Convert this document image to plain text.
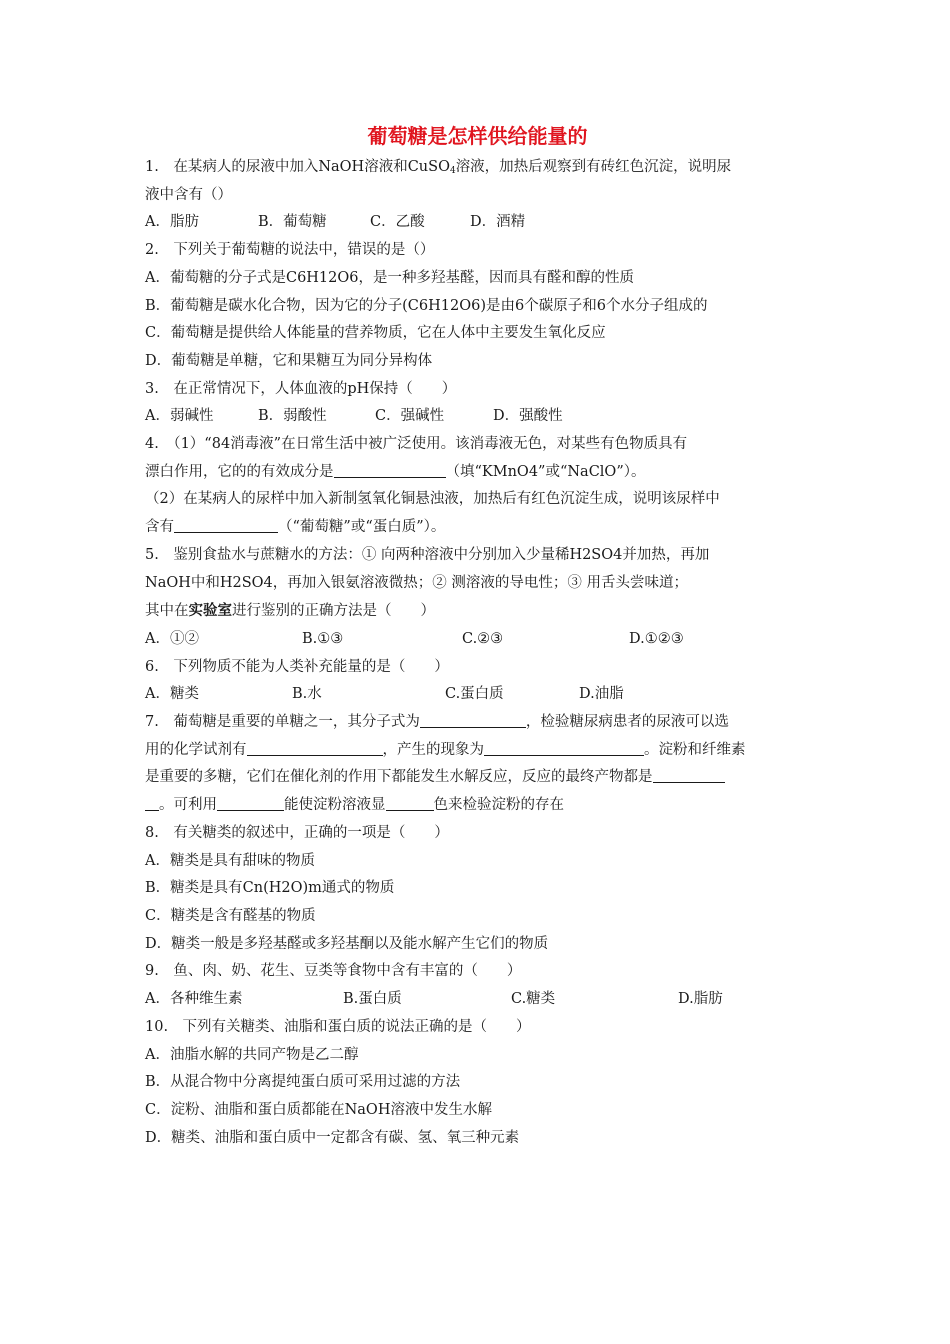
葡萄糖是怎样供给能量的
1.　在某病人的尿液中加入NaOH溶液和CuSO$_4$溶液，加热后观察到有砖红色沉淀，说明尿
液中含有（）
A．脂肪	B．葡萄糖	C．乙酸	D．酒精
2.　下列关于葡萄糖的说法中，错误的是（）
A．葡萄糖的分子式是C6H12O6，是一种多羟基醛，因而具有醛和醇的性质
B．葡萄糖是碳水化合物，因为它的分子(C6H12O6)是由6个碳原子和6个水分子组成的
C．葡萄糖是提供给人体能量的营养物质，它在人体中主要发生氧化反应
D．葡萄糖是单糖，它和果糖互为同分异构体
3.　在正常情况下，人体血液的pH保持（　　）
A．弱碱性	B．弱酸性	C．强碱性	D．强酸性
4.　（1）“84消毒液”在日常生活中被广泛使用。该消毒液无色，对某些有色物质具有
漂白作用，它的的有效成分是	（填“KMnO4”或“NaClO”）。
（2）在某病人的尿样中加入新制氢氧化铜悬浊液，加热后有红色沉淀生成，说明该尿样中
含有	（“葡萄糖”或“蛋白质”）。
5.　鉴别食盐水与蔗糖水的方法：① 向两种溶液中分别加入少量稀H2SO4并加热，再加
NaOH中和H2SO4，再加入银氨溶液微热；② 测溶液的导电性；③ 用舌头尝味道；
其中在实验室进行鉴别的正确方法是（　　）
A．①②	B.①③	C.②③	D.①②③
6.　下列物质不能为人类补充能量的是（　　）
A．糖类	B.水	C.蛋白质	D.油脂
7.　葡萄糖是重要的单糖之一，其分子式为	，检验糖尿病患者的尿液可以选
用的化学试剂有	，产生的现象为	。淀粉和纤维素
是重要的多糖，它们在催化剂的作用下都能发生水解反应，反应的最终产物都是
。可利用	能使淀粉溶液显	色来检验淀粉的存在
8.　有关糖类的叙述中，正确的一项是（　　）
A．糖类是具有甜味的物质
B．糖类是具有Cn(H2O)m通式的物质
C．糖类是含有醛基的物质
D．糖类一般是多羟基醛或多羟基酮以及能水解产生它们的物质
9.　鱼、肉、奶、花生、豆类等食物中含有丰富的（　　）
A．各种维生素	B.蛋白质	C.糖类	D.脂肪
10.　下列有关糖类、油脂和蛋白质的说法正确的是（　　）
A．油脂水解的共同产物是乙二醇
B．从混合物中分离提纯蛋白质可采用过滤的方法
C．淀粉、油脂和蛋白质都能在NaOH溶液中发生水解
D．糖类、油脂和蛋白质中一定都含有碳、氢、氧三种元素
